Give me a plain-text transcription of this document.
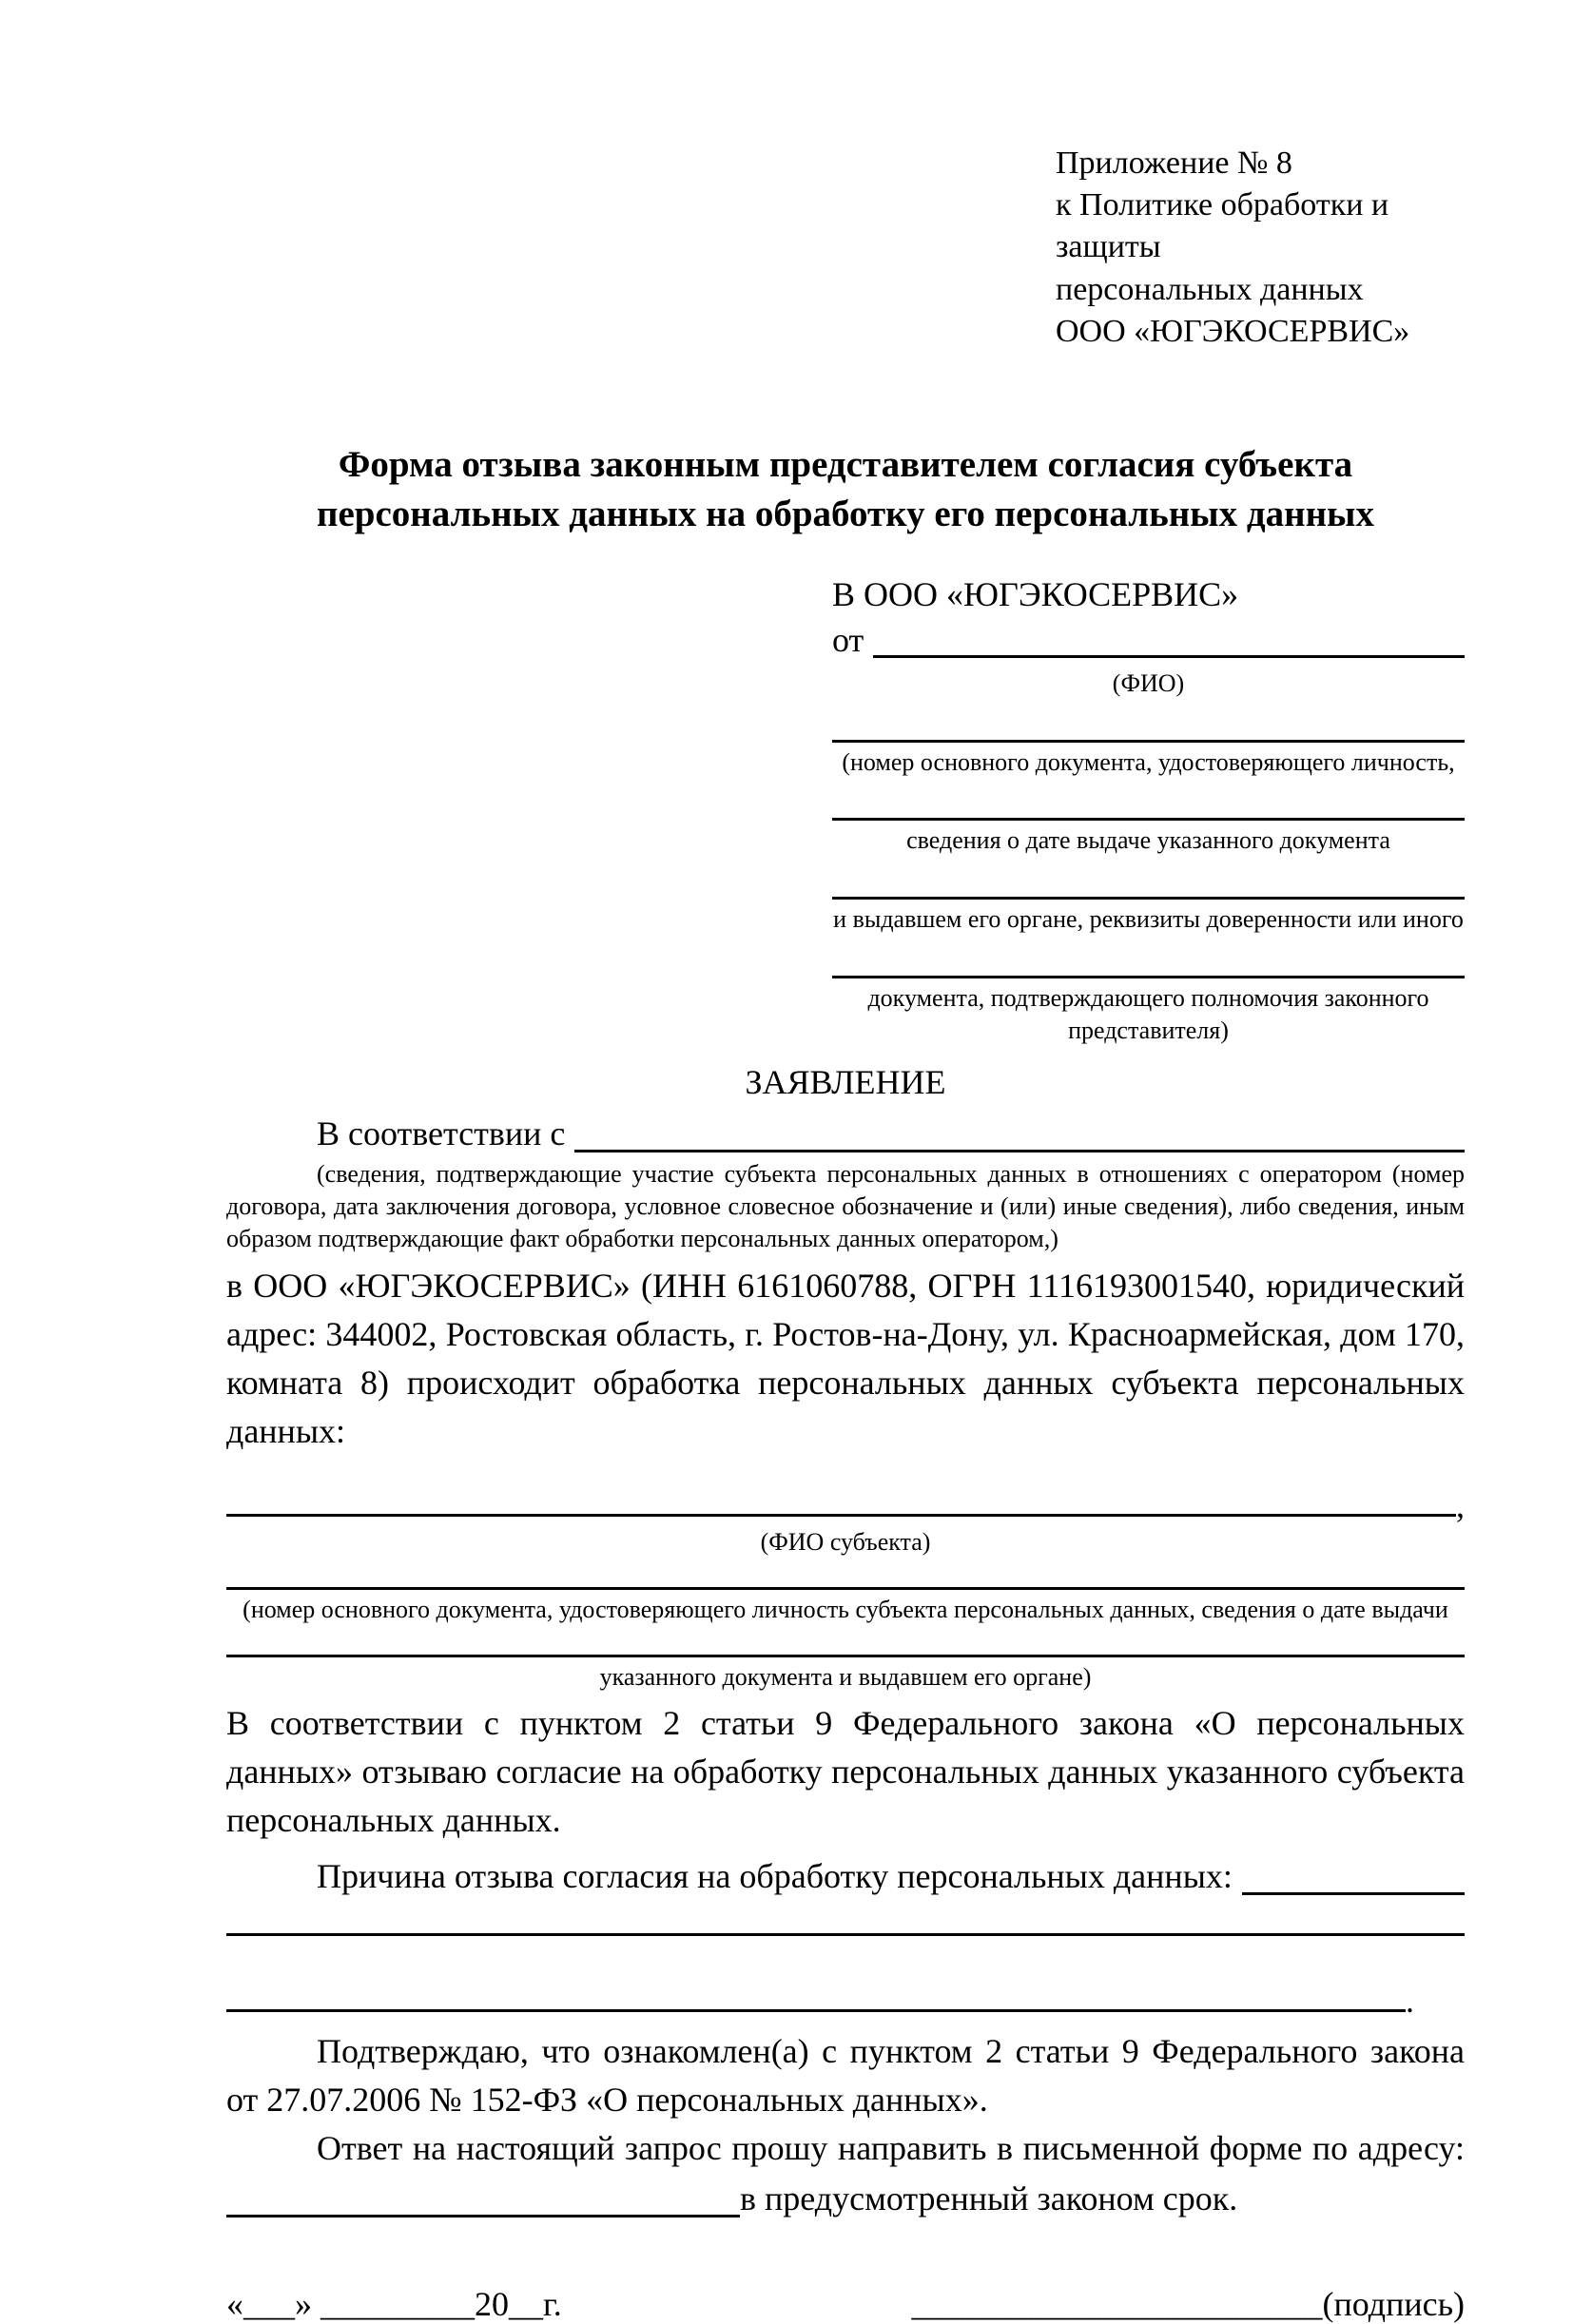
Приложение № 8
к Политике обработки и защиты
персональных данных
ООО «ЮГЭКОСЕРВИС»
Форма отзыва законным представителем согласия субъекта персональных данных на обработку его персональных данных
В ООО «ЮГЭКОСЕРВИС»
от
(ФИО)
(номер основного документа, удостоверяющего личность,
сведения о дате выдаче указанного документа
и выдавшем его органе, реквизиты доверенности или иного
документа, подтверждающего полномочия законного представителя)
ЗАЯВЛЕНИЕ
В соответствии с
(сведения, подтверждающие участие субъекта персональных данных в отношениях с оператором (номер договора, дата заключения договора, условное словесное обозначение и (или) иные сведения), либо сведения, иным образом подтверждающие факт обработки персональных данных оператором,)
в ООО «ЮГЭКОСЕРВИС» (ИНН 6161060788, ОГРН 1116193001540, юридический адрес: 344002, Ростовская область, г. Ростов-на-Дону, ул. Красноармейская, дом 170, комната 8) происходит обработка персональных данных субъекта персональных данных:
,
(ФИО субъекта)
(номер основного документа, удостоверяющего личность субъекта персональных данных, сведения о дате выдачи
указанного документа и выдавшем его органе)
В соответствии с пунктом 2 статьи 9 Федерального закона «О персональных данных» отзываю согласие на обработку персональных данных указанного субъекта персональных данных.
Причина отзыва согласия на обработку персональных данных:
.
Подтверждаю, что ознакомлен(а) с пунктом 2 статьи 9 Федерального закона от 27.07.2006 № 152-ФЗ «О персональных данных».
Ответ на настоящий запрос прошу направить в письменной форме по адресу:
в предусмотренный законом срок.
«___» _________20__г.	________________________(подпись)
